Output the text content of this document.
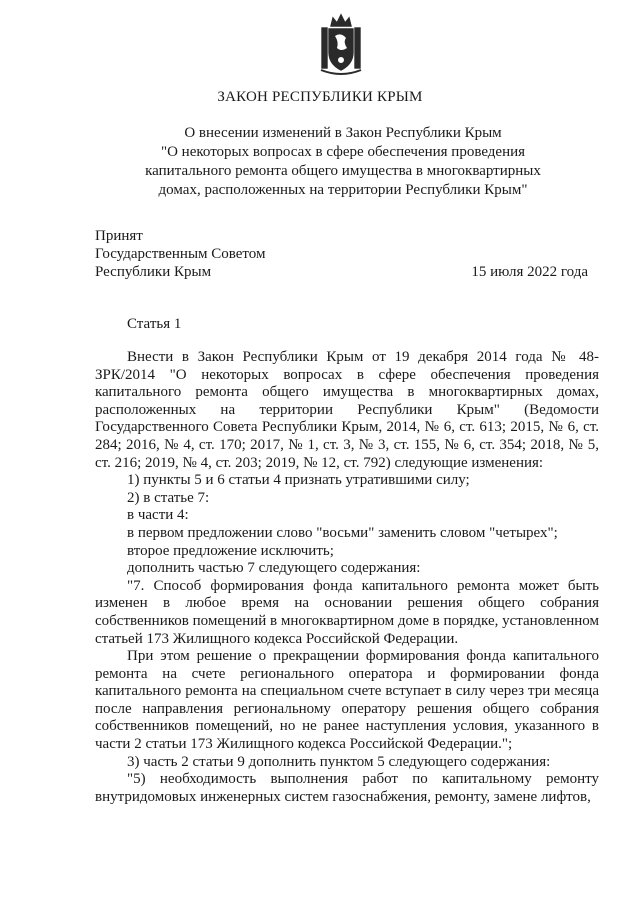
ЗАКОН РЕСПУБЛИКИ КРЫМ
О внесении изменений в Закон Республики Крым
"О некоторых вопросах в сфере обеспечения проведения
капитального ремонта общего имущества в многоквартирных
домах, расположенных на территории Республики Крым"
Принят
Государственным Советом
Республики Крым	15 июля 2022 года
Статья 1

Внести в Закон Республики Крым от 19 декабря 2014 года № 48-ЗРК/2014 "О некоторых вопросах в сфере обеспечения проведения капитального ремонта общего имущества в многоквартирных домах, расположенных на территории Республики Крым" (Ведомости Государственного Совета Республики Крым, 2014, № 6, ст. 613; 2015, № 6, ст. 284; 2016, № 4, ст. 170; 2017, № 1, ст. 3, № 3, ст. 155, № 6, ст. 354; 2018, № 5, ст. 216; 2019, № 4, ст. 203; 2019, № 12, ст. 792) следующие изменения:

1) пункты 5 и 6 статьи 4 признать утратившими силу;

2) в статье 7:

в части 4:

в первом предложении слово "восьми" заменить словом "четырех";

второе предложение исключить;

дополнить частью 7 следующего содержания:

"7. Способ формирования фонда капитального ремонта может быть изменен в любое время на основании решения общего собрания собственников помещений в многоквартирном доме в порядке, установленном статьей 173 Жилищного кодекса Российской Федерации.

При этом решение о прекращении формирования фонда капитального ремонта на счете регионального оператора и формировании фонда капитального ремонта на специальном счете вступает в силу через три месяца после направления региональному оператору решения общего собрания собственников помещений, но не ранее наступления условия, указанного в части 2 статьи 173 Жилищного кодекса Российской Федерации.";

3) часть 2 статьи 9 дополнить пунктом 5 следующего содержания:

"5) необходимость выполнения работ по капитальному ремонту внутридомовых инженерных систем газоснабжения, ремонту, замене лифтов,
